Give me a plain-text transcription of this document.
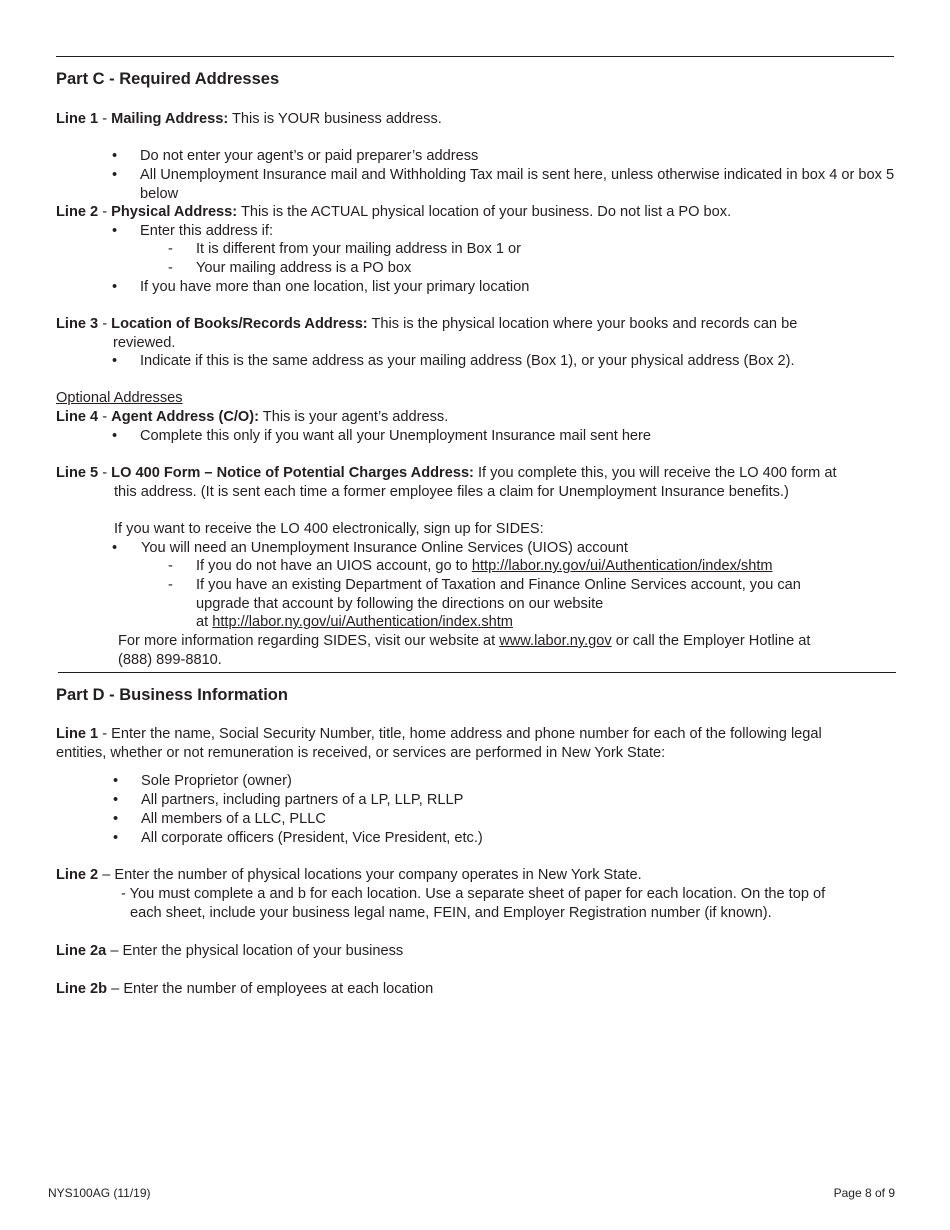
Part C - Required Addresses
Line 1 - Mailing Address: This is YOUR business address.
• Do not enter your agent’s or paid preparer’s address
• All Unemployment Insurance mail and Withholding Tax mail is sent here, unless otherwise indicated in box 4 or box 5 below
Line 2 - Physical Address: This is the ACTUAL physical location of your business. Do not list a PO box.
• Enter this address if:
- It is different from your mailing address in Box 1 or
- Your mailing address is a PO box
• If you have more than one location, list your primary location
Line 3 - Location of Books/Records Address: This is the physical location where your books and records can be
reviewed.
• Indicate if this is the same address as your mailing address (Box 1), or your physical address (Box 2).
Optional Addresses
Line 4 - Agent Address (C/O): This is your agent’s address.
• Complete this only if you want all your Unemployment Insurance mail sent here
Line 5 - LO 400 Form – Notice of Potential Charges Address: If you complete this, you will receive the LO 400 form at
this address. (It is sent each time a former employee files a claim for Unemployment Insurance benefits.)
If you want to receive the LO 400 electronically, sign up for SIDES:
• You will need an Unemployment Insurance Online Services (UIOS) account
- If you do not have an UIOS account, go to http://labor.ny.gov/ui/Authentication/index/shtm
- If you have an existing Department of Taxation and Finance Online Services account, you can
upgrade that account by following the directions on our website
at http://labor.ny.gov/ui/Authentication/index.shtm
For more information regarding SIDES, visit our website at www.labor.ny.gov or call the Employer Hotline at
(888) 899-8810.
Part D - Business Information
Line 1 - Enter the name, Social Security Number, title, home address and phone number for each of the following legal
entities, whether or not remuneration is received, or services are performed in New York State:
• Sole Proprietor (owner)
• All partners, including partners of a LP, LLP, RLLP
• All members of a LLC, PLLC
• All corporate officers (President, Vice President, etc.)
Line 2 – Enter the number of physical locations your company operates in New York State.
- You must complete a and b for each location. Use a separate sheet of paper for each location. On the top of
each sheet, include your business legal name, FEIN, and Employer Registration number (if known).
Line 2a – Enter the physical location of your business
Line 2b – Enter the number of employees at each location
NYS100AG (11/19)	Page 8 of 9
